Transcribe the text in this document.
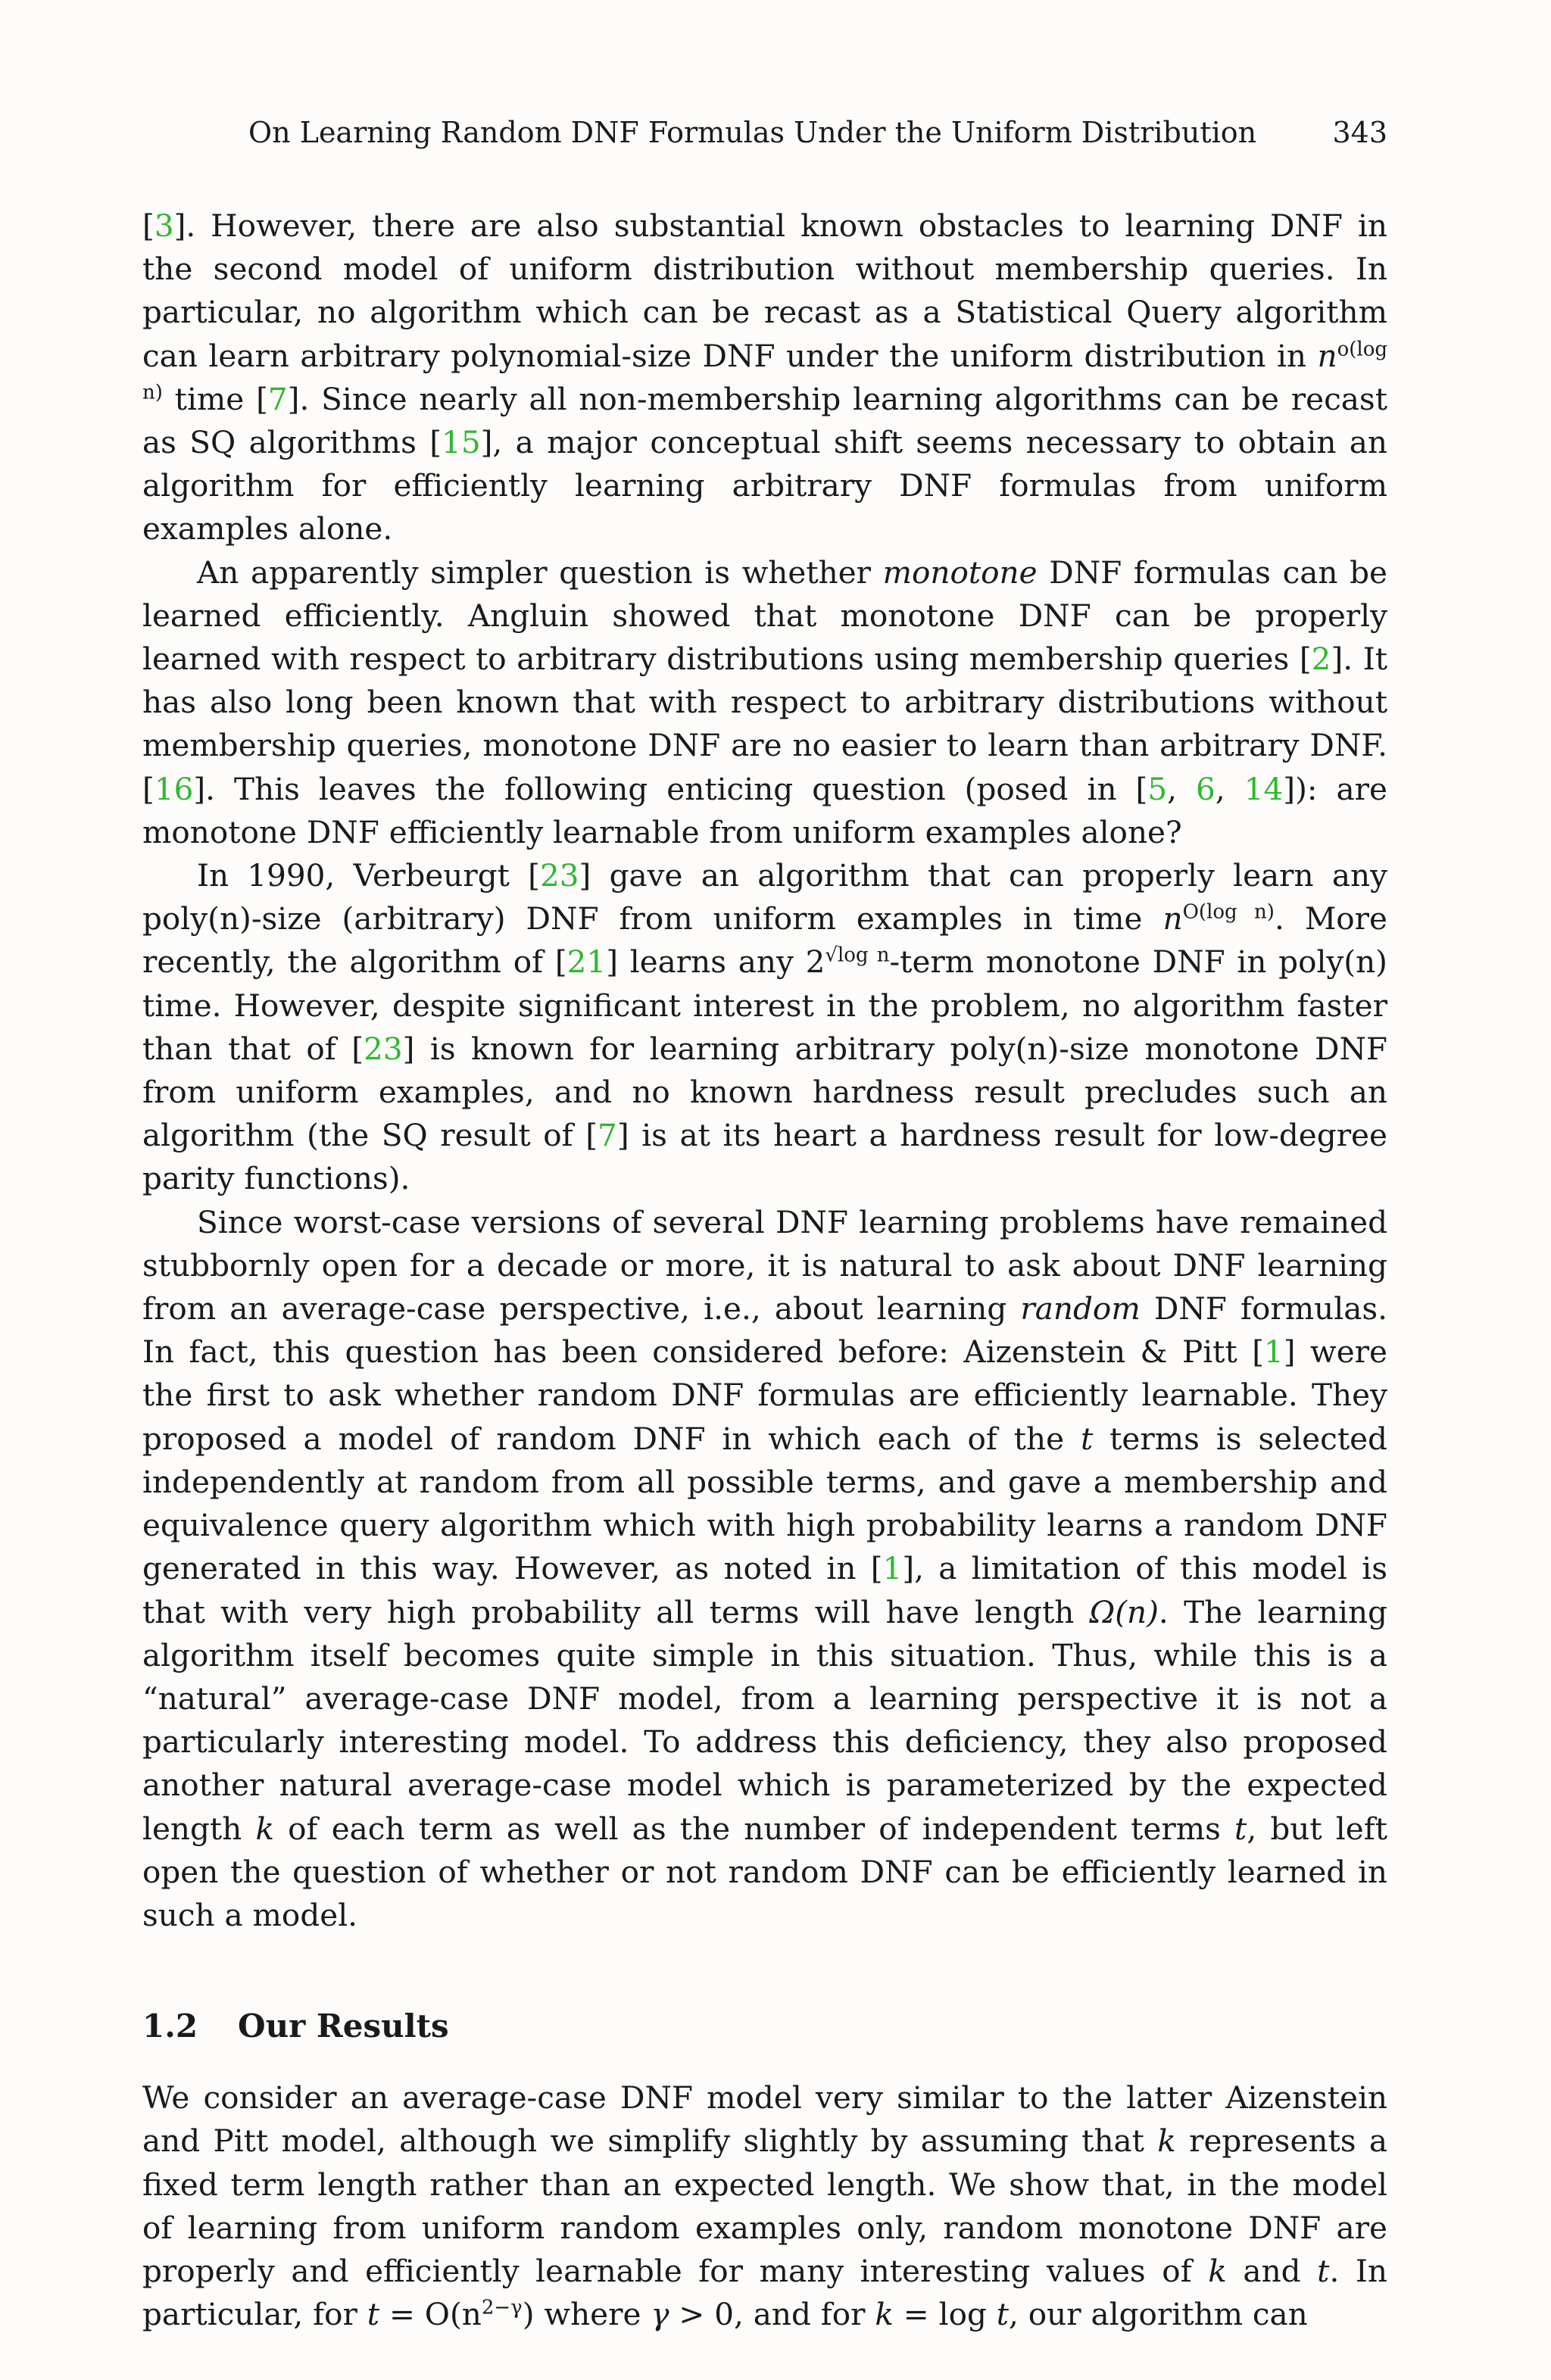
On Learning Random DNF Formulas Under the Uniform Distribution	343

[3]. However, there are also substantial known obstacles to learning DNF in the second model of uniform distribution without membership queries. In particular, no algorithm which can be recast as a Statistical Query algorithm can learn arbitrary polynomial-size DNF under the uniform distribution in $n^{o(log n)}$ time [7]. Since nearly all non-membership learning algorithms can be recast as SQ algorithms [15], a major conceptual shift seems necessary to obtain an algorithm for efficiently learning arbitrary DNF formulas from uniform examples alone.

An apparently simpler question is whether monotone DNF formulas can be learned efficiently. Angluin showed that monotone DNF can be properly learned with respect to arbitrary distributions using membership queries [2]. It has also long been known that with respect to arbitrary distributions without membership queries, monotone DNF are no easier to learn than arbitrary DNF. [16]. This leaves the following enticing question (posed in [5, 6, 14]): are monotone DNF efficiently learnable from uniform examples alone?

In 1990, Verbeurgt [23] gave an algorithm that can properly learn any poly(n)-size (arbitrary) DNF from uniform examples in time $n^{O(log n)}$. More recently, the algorithm of [21] learns any $2^{√log n}$-term monotone DNF in poly(n) time. However, despite significant interest in the problem, no algorithm faster than that of [23] is known for learning arbitrary poly(n)-size monotone DNF from uniform examples, and no known hardness result precludes such an algorithm (the SQ result of [7] is at its heart a hardness result for low-degree parity functions).

Since worst-case versions of several DNF learning problems have remained stubbornly open for a decade or more, it is natural to ask about DNF learning from an average-case perspective, i.e., about learning random DNF formulas. In fact, this question has been considered before: Aizenstein & Pitt [1] were the first to ask whether random DNF formulas are efficiently learnable. They proposed a model of random DNF in which each of the t terms is selected independently at random from all possible terms, and gave a membership and equivalence query algorithm which with high probability learns a random DNF generated in this way. However, as noted in [1], a limitation of this model is that with very high probability all terms will have length Ω(n). The learning algorithm itself becomes quite simple in this situation. Thus, while this is a “natural” average-case DNF model, from a learning perspective it is not a particularly interesting model. To address this deficiency, they also proposed another natural average-case model which is parameterized by the expected length k of each term as well as the number of independent terms t, but left open the question of whether or not random DNF can be efficiently learned in such a model.

1.2 Our Results

We consider an average-case DNF model very similar to the latter Aizenstein and Pitt model, although we simplify slightly by assuming that k represents a fixed term length rather than an expected length. We show that, in the model of learning from uniform random examples only, random monotone DNF are properly and efficiently learnable for many interesting values of k and t. In particular, for $t = O(n^{2-\gamma})$ where γ > 0, and for k = log t, our algorithm can
